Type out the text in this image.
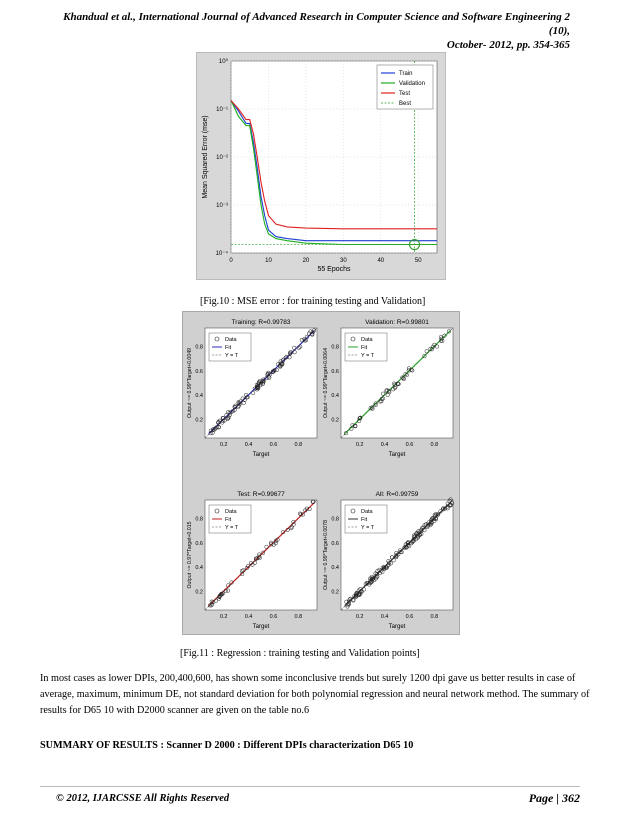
Khandual et al., International Journal of Advanced Research in Computer Science and Software Engineering 2 (10),
October- 2012, pp. 354-365
10⁰
10⁻¹
10⁻²
10⁻³
10⁻⁴
0	10	20	30	40	50
Mean Squared Error (mse)
55 Epochs
Train
Validation
Test
Best
[Fig.10 : MSE error : for training testing and Validation]
Training: R=0.99783
Output ~= 0.99*Target+0.0049
Target
0.2
0.2
0.4
0.4
0.6
0.6
0.8
0.8
Data
Fit
Y = T
Validation: R=0.99801
Output ~= 0.99*Target+0.0064
Target
0.2
0.2
0.4
0.4
0.6
0.6
0.8
0.8
Data
Fit
Y = T
Test: R=0.99677
Output ~= 0.97*Target+0.015
Target
0.2
0.2
0.4
0.4
0.6
0.6
0.8
0.8
Data
Fit
Y = T
All: R=0.99759
Output ~= 0.99*Target+0.0078
Target
0.2
0.2
0.4
0.4
0.6
0.6
0.8
0.8
Data
Fit
Y = T
[Fig.11 : Regression : training testing and Validation points]

In most cases as lower DPIs, 200,400,600, has shown some inconclusive trends but surely 1200 dpi gave us better results in case of average, maximum, minimum DE, not standard deviation for both polynomial regression and neural network method. The summary of results for D65 10 with D2000 scanner are given on the table no.6

SUMMARY OF RESULTS : Scanner D 2000 : Different DPIs characterization D65 10
© 2012, IJARCSSE All Rights Reserved	Page | 362
